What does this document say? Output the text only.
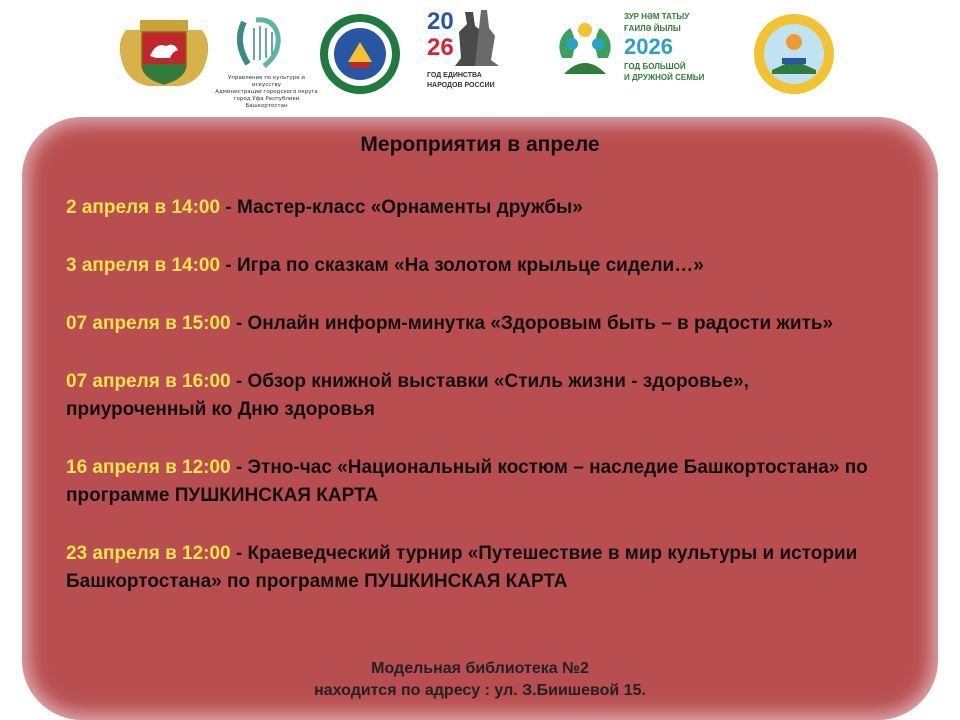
Управление по культуре и искусству
Администрации городского округа
город Уфа Республики Башкортостан
20
26
ГОД ЕДИНСТВА
НАРОДОВ РОССИИ
ЗУР НӘМ ТАТЫУ
ҒАИЛӘ ЙЫЛЫ
2026
ГОД БОЛЬШОЙ
И ДРУЖНОЙ СЕМЬИ
Мероприятия в апреле
2 апреля в 14:00 - Мастер-класс «Орнаменты дружбы»
3 апреля в 14:00 - Игра по сказкам «На золотом крыльце сидели…»
07 апреля в 15:00 - Онлайн информ-минутка «Здоровым быть – в радости жить»
07 апреля в 16:00 - Обзор книжной выставки «Стиль жизни - здоровье», приуроченный ко Дню здоровья
16 апреля в 12:00 - Этно-час «Национальный костюм – наследие Башкортостана» по программе ПУШКИНСКАЯ КАРТА
23 апреля в 12:00 - Краеведческий турнир «Путешествие в мир культуры и истории Башкортостана» по программе ПУШКИНСКАЯ КАРТА
Модельная библиотека №2
находится по адресу : ул. З.Биишевой 15.
